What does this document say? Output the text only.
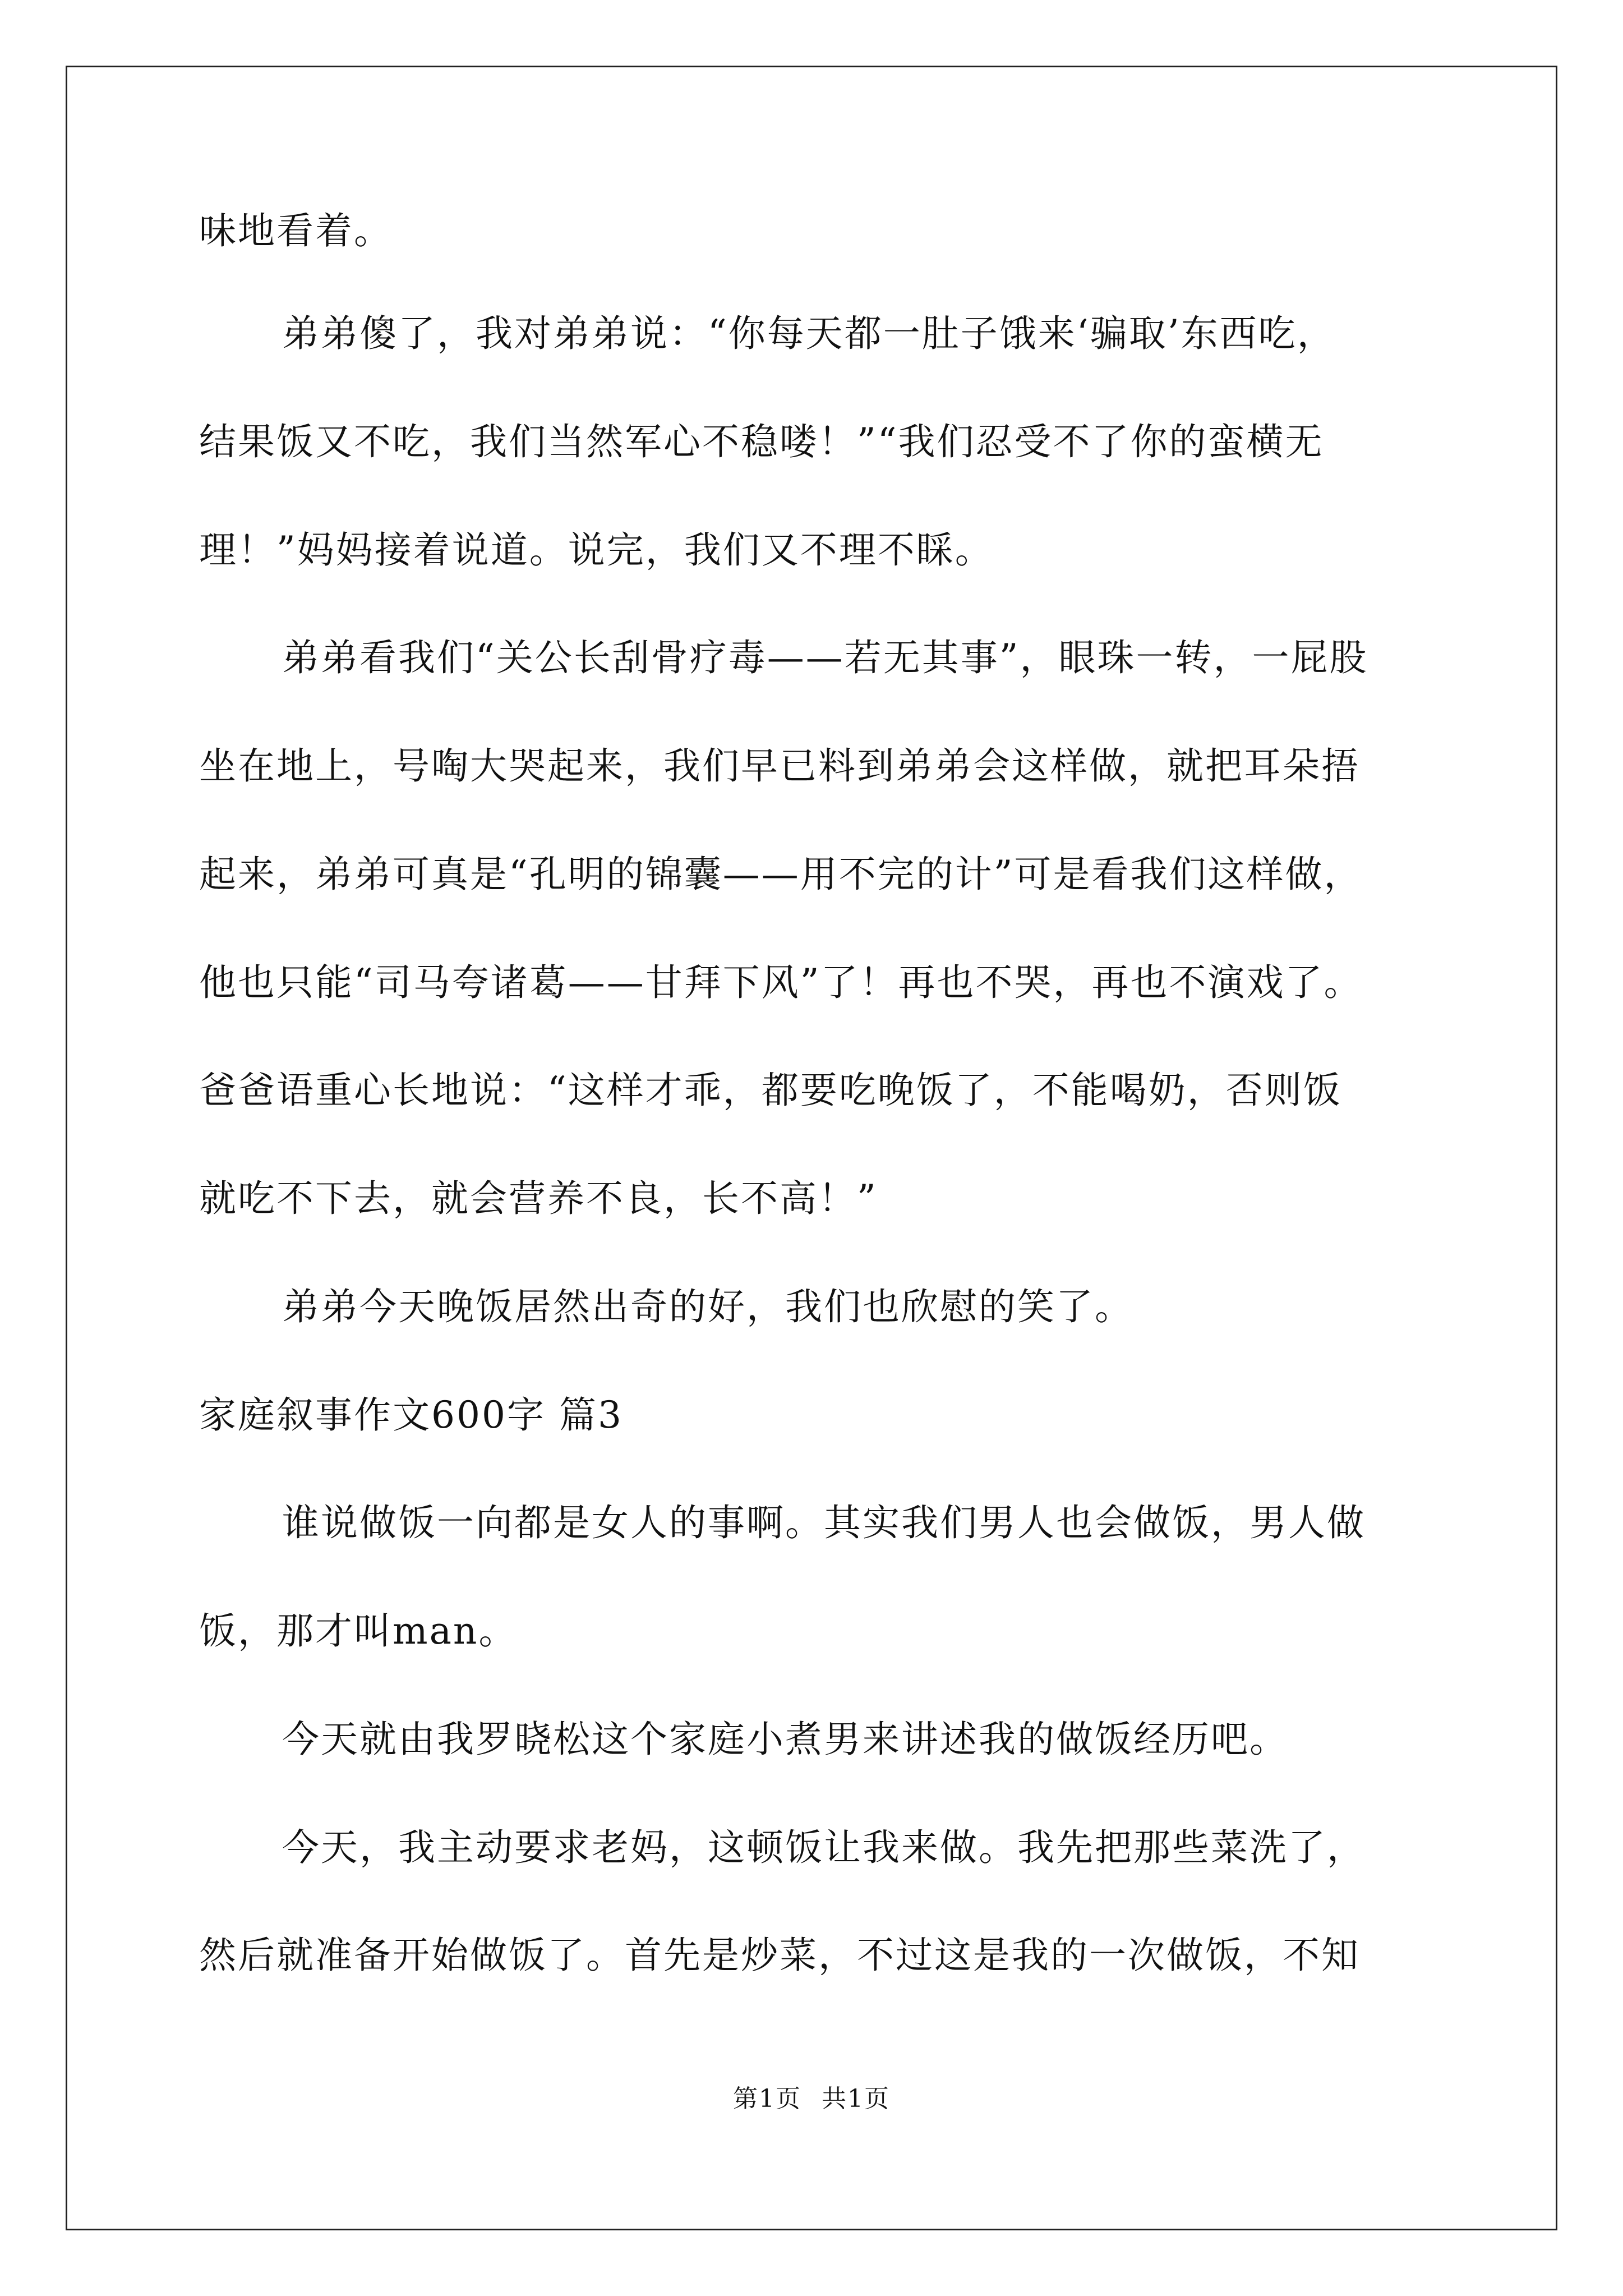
味地看着。
弟弟傻了，我对弟弟说：“你每天都一肚子饿来‘骗取’东西吃，
结果饭又不吃，我们当然军心不稳喽！”“我们忍受不了你的蛮横无
理！”妈妈接着说道。说完，我们又不理不睬。
弟弟看我们“关公长刮骨疗毒——若无其事”，眼珠一转，一屁股
坐在地上，号啕大哭起来，我们早已料到弟弟会这样做，就把耳朵捂
起来，弟弟可真是“孔明的锦囊——用不完的计”可是看我们这样做，
他也只能“司马夸诸葛——甘拜下风”了！再也不哭，再也不演戏了。
爸爸语重心长地说：“这样才乖，都要吃晚饭了，不能喝奶，否则饭
就吃不下去，就会营养不良，长不高！”
弟弟今天晚饭居然出奇的好，我们也欣慰的笑了。
家庭叙事作文600字 篇3
谁说做饭一向都是女人的事啊。其实我们男人也会做饭，男人做
饭，那才叫man。
今天就由我罗晓松这个家庭小煮男来讲述我的做饭经历吧。
今天，我主动要求老妈，这顿饭让我来做。我先把那些菜洗了，
然后就准备开始做饭了。首先是炒菜，不过这是我的一次做饭，不知
第1页 共1页
